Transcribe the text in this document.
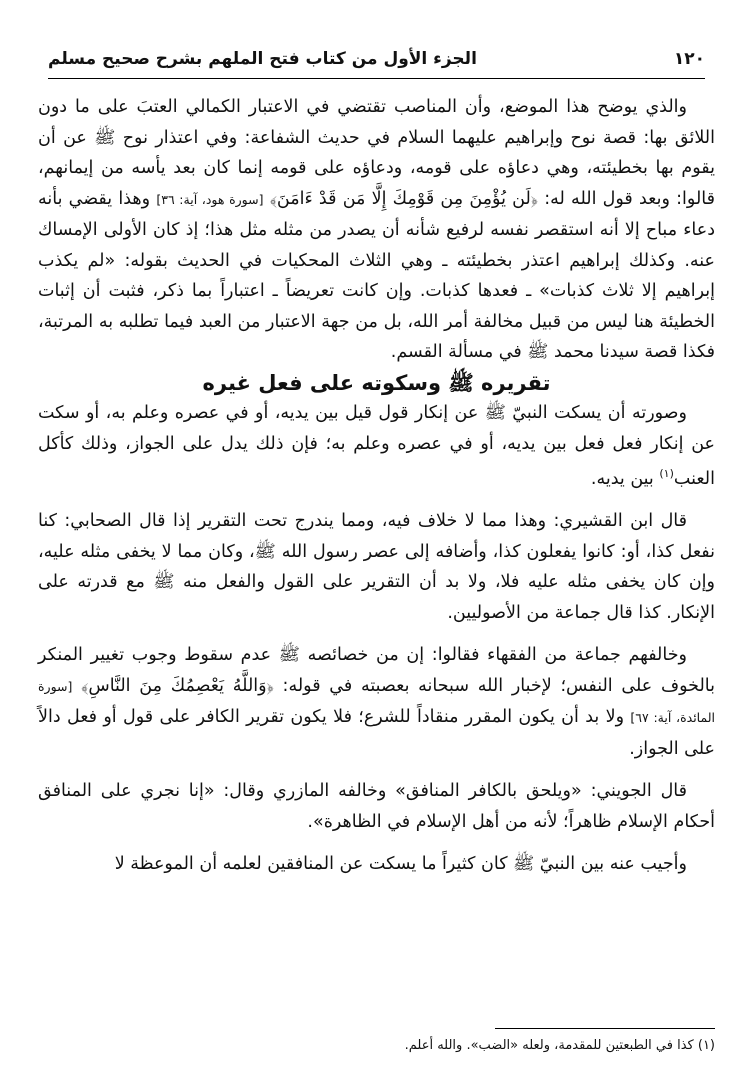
١٢٠
الجزء الأول من كتاب فتح الملهم بشرح صحيح مسلم

والذي يوضح هذا الموضع، وأن المناصب تقتضي في الاعتبار الكمالي العتبَ على ما دون اللائق بها: قصة نوح وإبراهيم عليهما السلام في حديث الشفاعة: وفي اعتذار نوح ﷺ عن أن يقوم بها بخطيئته، وهي دعاؤه على قومه، ودعاؤه على قومه إنما كان بعد يأسه من إيمانهم، قالوا: وبعد قول الله له: ﴿لَن يُؤْمِنَ مِن قَوْمِكَ إِلَّا مَن قَدْ ءَامَنَ﴾ [سورة هود، آية: ٣٦] وهذا يقضي بأنه دعاء مباح إلا أنه استقصر نفسه لرفيع شأنه أن يصدر من مثله مثل هذا؛ إذ كان الأولى الإمساك عنه. وكذلك إبراهيم اعتذر بخطيئته ـ وهي الثلاث المحكيات في الحديث بقوله: «لم يكذب إبراهيم إلا ثلاث كذبات» ـ فعدها كذبات. وإن كانت تعريضاً ـ اعتباراً بما ذكر، فثبت أن إثبات الخطيئة هنا ليس من قبيل مخالفة أمر الله، بل من جهة الاعتبار من العبد فيما تطلبه به المرتبة، فكذا قصة سيدنا محمد ﷺ في مسألة القسم.

تقريره ﷺ وسكوته على فعل غيره

وصورته أن يسكت النبيّ ﷺ عن إنكار قول قيل بين يديه، أو في عصره وعلم به، أو سكت عن إنكار فعل فعل بين يديه، أو في عصره وعلم به؛ فإن ذلك يدل على الجواز، وذلك كأكل العنب$^{(١)}$ بين يديه.

قال ابن القشيري: وهذا مما لا خلاف فيه، ومما يندرج تحت التقرير إذا قال الصحابي: كنا نفعل كذا، أو: كانوا يفعلون كذا، وأضافه إلى عصر رسول الله ﷺ، وكان مما لا يخفى مثله عليه، وإن كان يخفى مثله عليه فلا، ولا بد أن التقرير على القول والفعل منه ﷺ مع قدرته على الإنكار. كذا قال جماعة من الأصوليين.

وخالفهم جماعة من الفقهاء فقالوا: إن من خصائصه ﷺ عدم سقوط وجوب تغيير المنكر بالخوف على النفس؛ لإخبار الله سبحانه بعصبته في قوله: ﴿وَاللَّهُ يَعْصِمُكَ مِنَ النَّاسِ﴾ [سورة المائدة، آية: ٦٧] ولا بد أن يكون المقرر منقاداً للشرع؛ فلا يكون تقرير الكافر على قول أو فعل دالاً على الجواز.

قال الجويني: «ويلحق بالكافر المنافق» وخالفه المازري وقال: «إنا نجري على المنافق أحكام الإسلام ظاهراً؛ لأنه من أهل الإسلام في الظاهرة».

وأجيب عنه بين النبيّ ﷺ كان كثيراً ما يسكت عن المنافقين لعلمه أن الموعظة لا

(١) كذا في الطبعتين للمقدمة، ولعله «الضب». والله أعلم.
